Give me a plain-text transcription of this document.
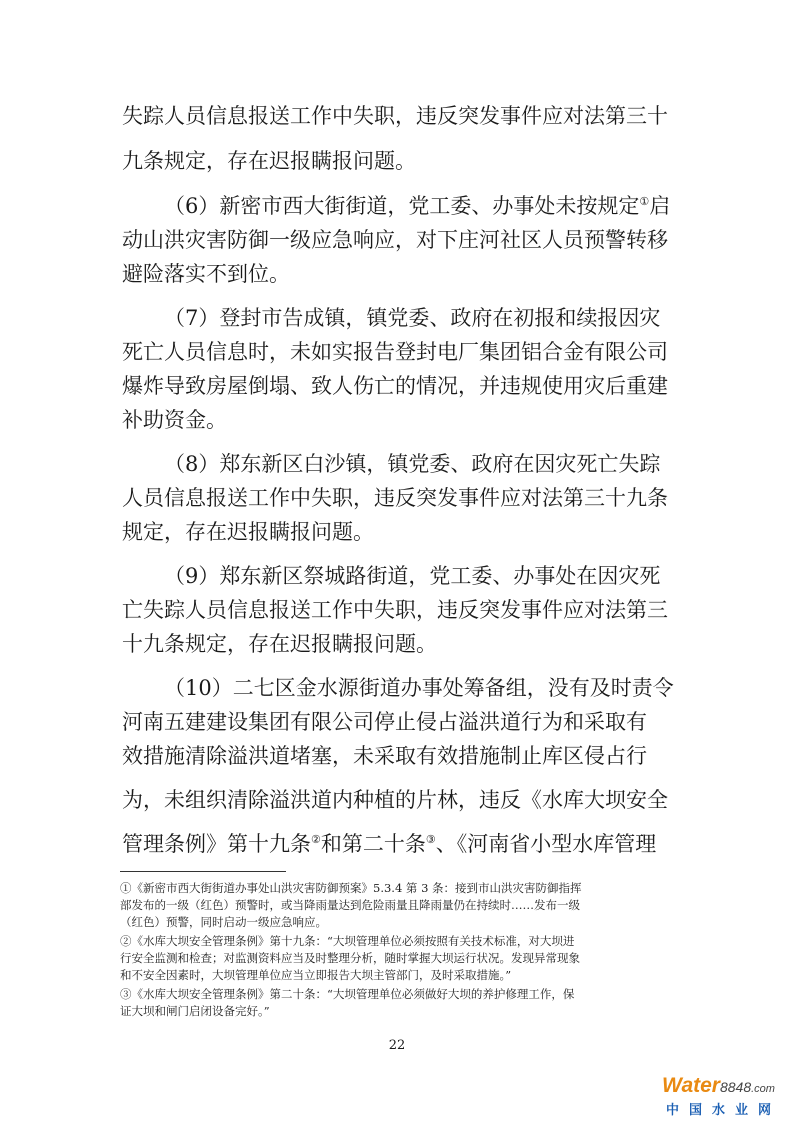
失踪人员信息报送工作中失职，违反突发事件应对法第三十
九条规定，存在迟报瞒报问题。
（6）新密市西大街街道，党工委、办事处未按规定①启
动山洪灾害防御一级应急响应，对下庄河社区人员预警转移
避险落实不到位。
（7）登封市告成镇，镇党委、政府在初报和续报因灾
死亡人员信息时，未如实报告登封电厂集团铝合金有限公司
爆炸导致房屋倒塌、致人伤亡的情况，并违规使用灾后重建
补助资金。
（8）郑东新区白沙镇，镇党委、政府在因灾死亡失踪
人员信息报送工作中失职，违反突发事件应对法第三十九条
规定，存在迟报瞒报问题。
（9）郑东新区祭城路街道，党工委、办事处在因灾死
亡失踪人员信息报送工作中失职，违反突发事件应对法第三
十九条规定，存在迟报瞒报问题。
（10）二七区金水源街道办事处筹备组，没有及时责令
河南五建建设集团有限公司停止侵占溢洪道行为和采取有
效措施清除溢洪道堵塞，未采取有效措施制止库区侵占行
为，未组织清除溢洪道内种植的片林，违反《水库大坝安全
管理条例》第十九条②和第二十条③、《河南省小型水库管理
①《新密市西大街街道办事处山洪灾害防御预案》5.3.4 第 3 条：接到市山洪灾害防御指挥
部发布的一级（红色）预警时，或当降雨量达到危险雨量且降雨量仍在持续时……发布一级
（红色）预警，同时启动一级应急响应。
②《水库大坝安全管理条例》第十九条：“大坝管理单位必须按照有关技术标准，对大坝进
行安全监测和检查；对监测资料应当及时整理分析，随时掌握大坝运行状况。发现异常现象
和不安全因素时，大坝管理单位应当立即报告大坝主管部门，及时采取措施。”
③《水库大坝安全管理条例》第二十条：“大坝管理单位必须做好大坝的养护修理工作，保
证大坝和闸门启闭设备完好。”
22
Water8848.com
中国水业网
